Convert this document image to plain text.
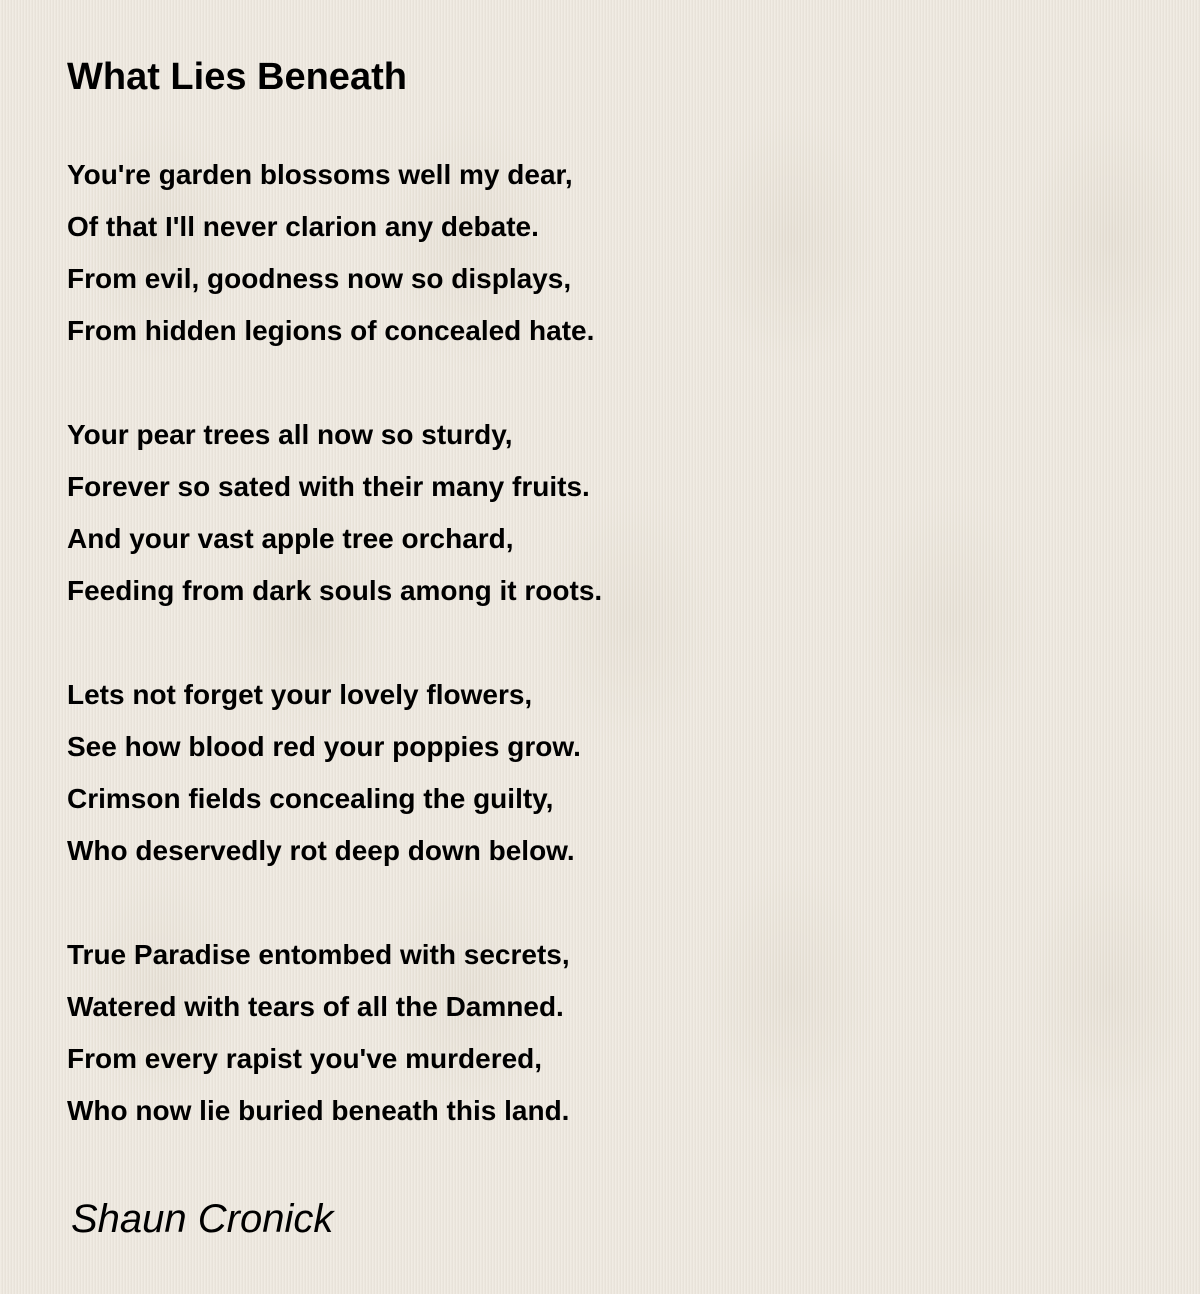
What Lies Beneath
You're garden blossoms well my dear,
Of that I'll never clarion any debate.
From evil, goodness now so displays,
From hidden legions of concealed hate.
Your pear trees all now so sturdy,
Forever so sated with their many fruits.
And your vast apple tree orchard,
Feeding from dark souls among it roots.
Lets not forget your lovely flowers,
See how blood red your poppies grow.
Crimson fields concealing the guilty,
Who deservedly rot deep down below.
True Paradise entombed with secrets,
Watered with tears of all the Damned.
From every rapist you've murdered,
Who now lie buried beneath this land.

Shaun Cronick
